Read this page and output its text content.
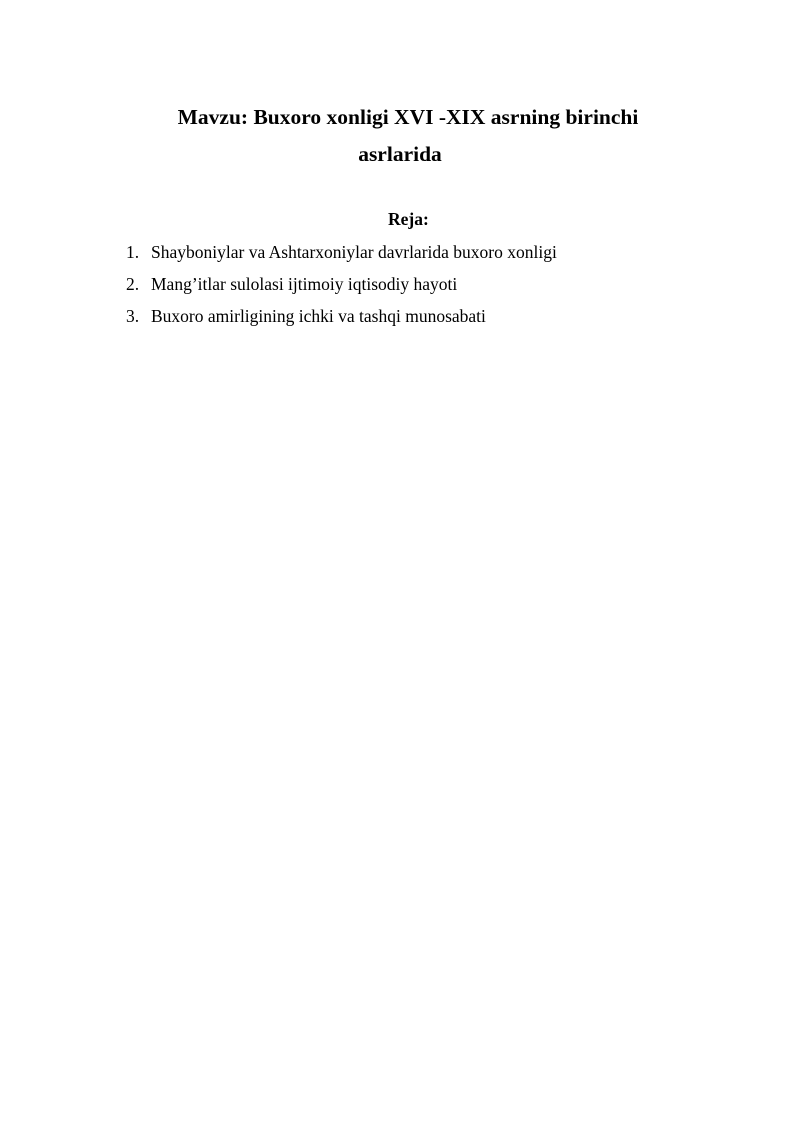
Mavzu: Buxoro xonligi XVI -XIX asrning birinchi
asrlarida
Reja:
1. Shayboniylar va Ashtarxoniylar davrlarida buxoro xonligi
2. Mang’itlar sulolasi ijtimoiy iqtisodiy hayoti
3. Buxoro amirligining ichki va tashqi munosabati
